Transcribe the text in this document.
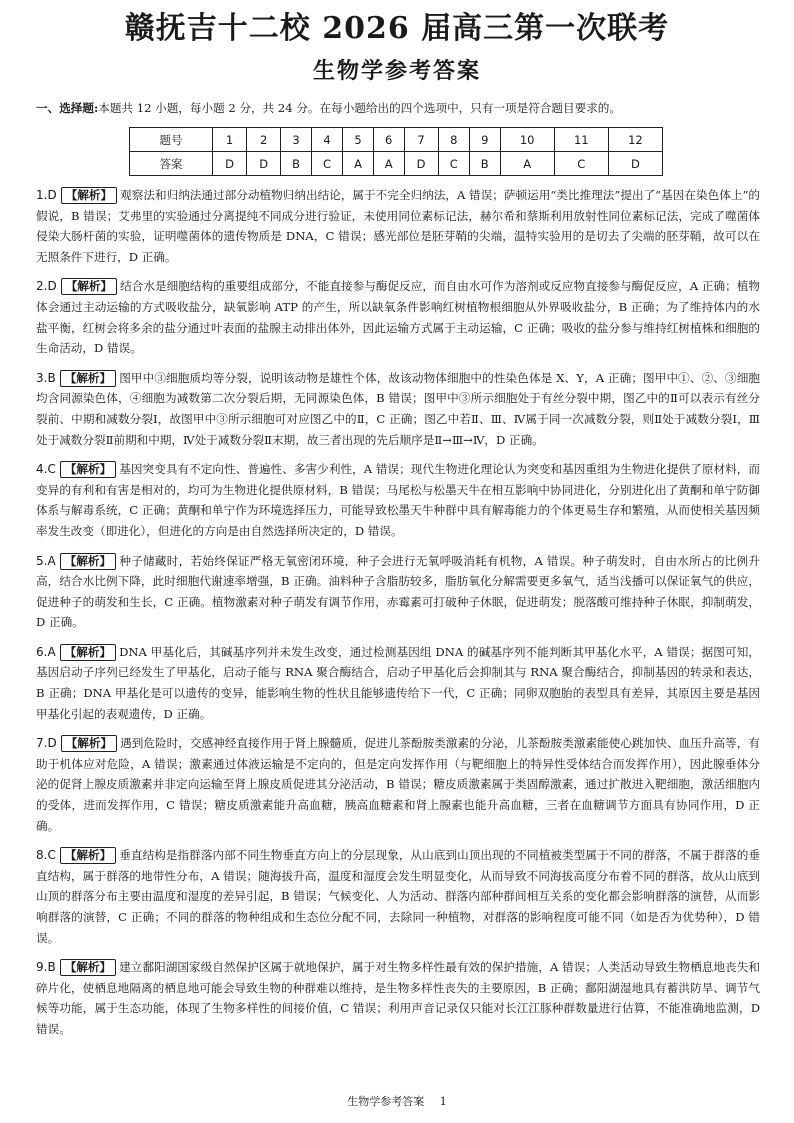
赣抚吉十二校 2026 届高三第一次联考
生物学参考答案
一、选择题:本题共 12 小题，每小题 2 分，共 24 分。在每小题给出的四个选项中，只有一项是符合题目要求的。
题号	1	2	3	4	5	6	7	8	9	10	11	12
答案	D	D	B	C	A	A	D	C	B	A	C	D
1.D 【解析】 观察法和归纳法通过部分动植物归纳出结论，属于不完全归纳法，A 错误；萨顿运用“类比推理法”提出了“基因在染色体上”的假说，B 错误；艾弗里的实验通过分离提纯不同成分进行验证，未使用同位素标记法，赫尔希和蔡斯利用放射性同位素标记法，完成了噬菌体侵染大肠杆菌的实验，证明噬菌体的遗传物质是 DNA，C 错误；感光部位是胚芽鞘的尖端，温特实验用的是切去了尖端的胚芽鞘，故可以在无照条件下进行，D 正确。
2.D 【解析】 结合水是细胞结构的重要组成部分，不能直接参与酶促反应，而自由水可作为溶剂或反应物直接参与酶促反应，A 正确；植物体会通过主动运输的方式吸收盐分，缺氧影响 ATP 的产生，所以缺氧条件影响红树植物根细胞从外界吸收盐分，B 正确；为了维持体内的水盐平衡，红树会将多余的盐分通过叶表面的盐腺主动排出体外，因此运输方式属于主动运输，C 正确；吸收的盐分参与维持红树植株和细胞的生命活动，D 错误。
3.B 【解析】 图甲中③细胞质均等分裂，说明该动物是雄性个体，故该动物体细胞中的性染色体是 X、Y，A 正确；图甲中①、②、③细胞均含同源染色体，④细胞为减数第二次分裂后期，无同源染色体，B 错误；图甲中③所示细胞处于有丝分裂中期，图乙中的Ⅱ可以表示有丝分裂前、中期和减数分裂Ⅰ，故图甲中③所示细胞可对应图乙中的Ⅱ，C 正确；图乙中若Ⅱ、Ⅲ、Ⅳ属于同一次减数分裂，则Ⅱ处于减数分裂Ⅰ，Ⅲ处于减数分裂Ⅱ前期和中期，Ⅳ处于减数分裂Ⅱ末期，故三者出现的先后顺序是Ⅱ→Ⅲ→Ⅳ，D 正确。
4.C 【解析】 基因突变具有不定向性、普遍性、多害少利性，A 错误；现代生物进化理论认为突变和基因重组为生物进化提供了原材料，而变异的有利和有害是相对的，均可为生物进化提供原材料，B 错误；马尾松与松墨天牛在相互影响中协同进化，分别进化出了黄酮和单宁防御体系与解毒系统，C 正确；黄酮和单宁作为环境选择压力，可能导致松墨天牛种群中具有解毒能力的个体更易生存和繁殖，从而使相关基因频率发生改变（即进化），但进化的方向是由自然选择所决定的，D 错误。
5.A 【解析】 种子储藏时，若始终保证严格无氧密闭环境，种子会进行无氧呼吸消耗有机物，A 错误。种子萌发时，自由水所占的比例升高，结合水比例下降，此时细胞代谢速率增强，B 正确。油料种子含脂肪较多，脂肪氧化分解需要更多氧气，适当浅播可以保证氧气的供应，促进种子的萌发和生长，C 正确。植物激素对种子萌发有调节作用，赤霉素可打破种子休眠，促进萌发；脱落酸可维持种子休眠，抑制萌发，D 正确。
6.A 【解析】 DNA 甲基化后，其碱基序列并未发生改变，通过检测基因组 DNA 的碱基序列不能判断其甲基化水平，A 错误；据图可知，基因启动子序列已经发生了甲基化，启动子能与 RNA 聚合酶结合，启动子甲基化后会抑制其与 RNA 聚合酶结合，抑制基因的转录和表达，B 正确；DNA 甲基化是可以遗传的变异，能影响生物的性状且能够遗传给下一代，C 正确；同卵双胞胎的表型具有差异，其原因主要是基因甲基化引起的表观遗传，D 正确。
7.D 【解析】 遇到危险时，交感神经直接作用于肾上腺髓质，促进儿茶酚胺类激素的分泌，儿茶酚胺类激素能使心跳加快、血压升高等，有助于机体应对危险，A 错误；激素通过体液运输是不定向的，但是定向发挥作用（与靶细胞上的特异性受体结合而发挥作用），因此腺垂体分泌的促肾上腺皮质激素并非定向运输至肾上腺皮质促进其分泌活动，B 错误；糖皮质激素属于类固醇激素，通过扩散进入靶细胞，激活细胞内的受体，进而发挥作用，C 错误；糖皮质激素能升高血糖，胰高血糖素和肾上腺素也能升高血糖，三者在血糖调节方面具有协同作用，D 正确。
8.C 【解析】 垂直结构是指群落内部不同生物垂直方向上的分层现象，从山底到山顶出现的不同植被类型属于不同的群落，不属于群落的垂直结构，属于群落的地带性分布，A 错误；随海拔升高，温度和湿度会发生明显变化，从而导致不同海拔高度分布着不同的群落，故从山底到山顶的群落分布主要由温度和湿度的差异引起，B 错误；气候变化、人为活动、群落内部种群间相互关系的变化都会影响群落的演替，从而影响群落的演替，C 正确；不同的群落的物种组成和生态位分配不同，去除同一种植物，对群落的影响程度可能不同（如是否为优势种），D 错误。
9.B 【解析】 建立鄱阳湖国家级自然保护区属于就地保护，属于对生物多样性最有效的保护措施，A 错误；人类活动导致生物栖息地丧失和碎片化，使栖息地隔离的栖息地可能会导致生物的种群难以维持，是生物多样性丧失的主要原因，B 正确；鄱阳湖湿地具有蓄洪防旱、调节气候等功能，属于生态功能，体现了生物多样性的间接价值，C 错误；利用声音记录仅只能对长江江豚种群数量进行估算，不能准确地监测，D 错误。
生物学参考答案 1
